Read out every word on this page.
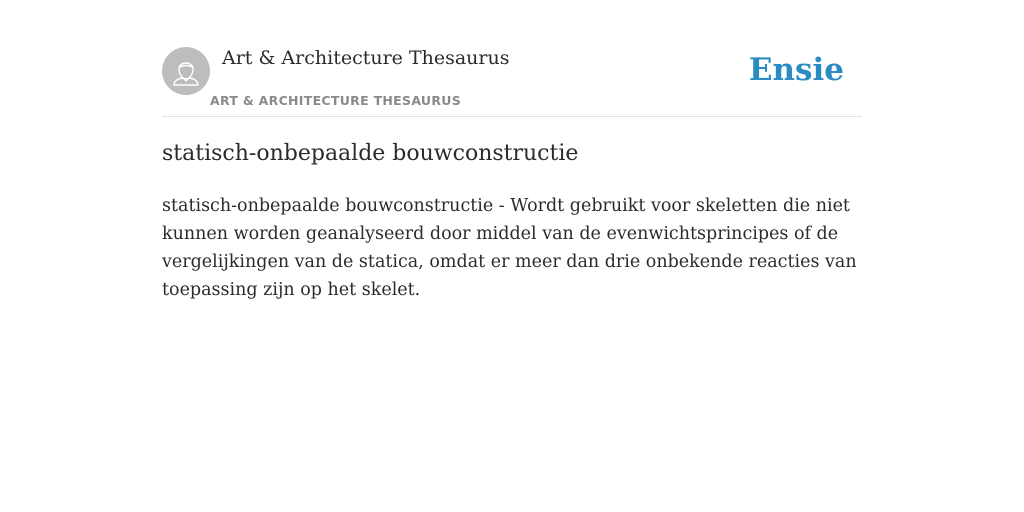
Art & Architecture Thesaurus
ART & ARCHITECTURE THESAURUS
Ensie
statisch-onbepaalde bouwconstructie

statisch-onbepaalde bouwconstructie - Wordt gebruikt voor skeletten die niet kunnen worden geanalyseerd door middel van de evenwichtsprincipes of de vergelijkingen van de statica, omdat er meer dan drie onbekende reacties van toepassing zijn op het skelet.
